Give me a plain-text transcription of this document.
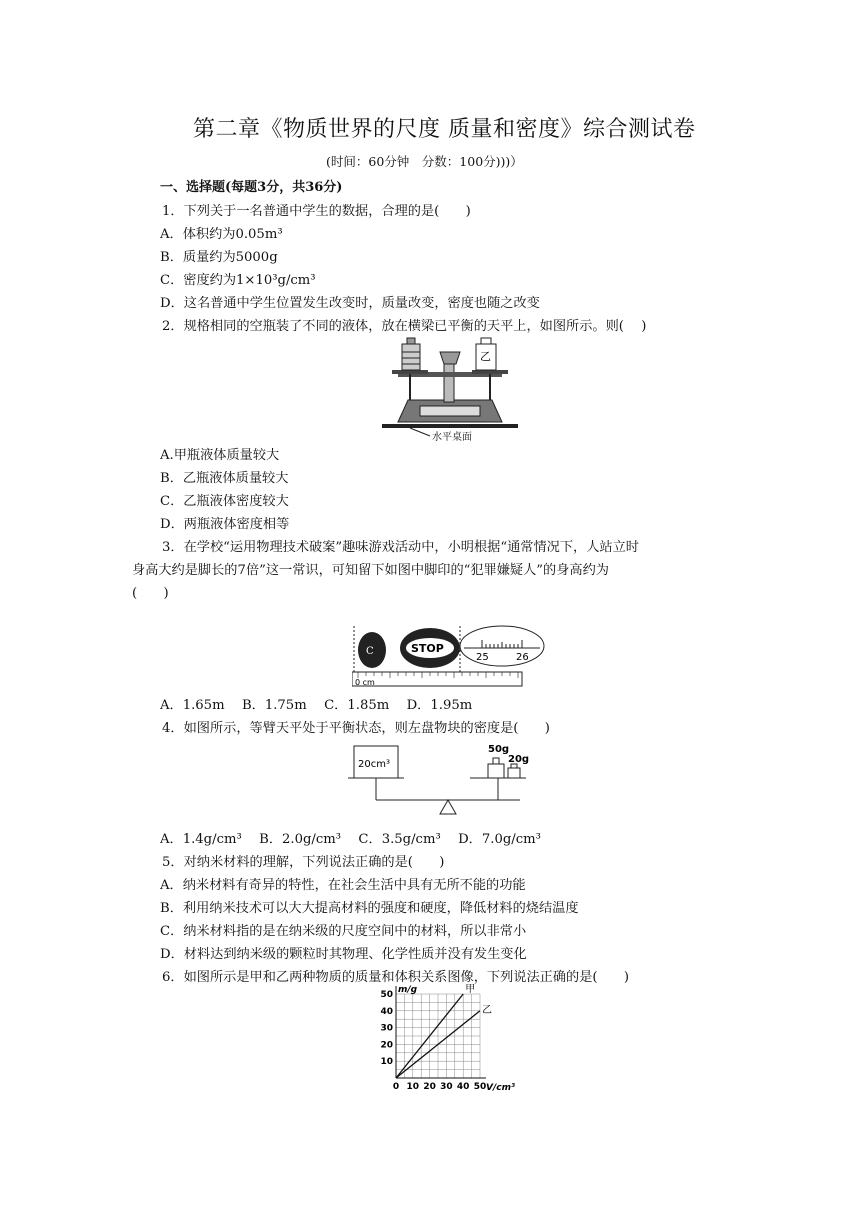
第二章《物质世界的尺度 质量和密度》综合测试卷
(时间：60分钟　分数：100分)))）
一、选择题(每题3分，共36分)
1．下列关于一名普通中学生的数据，合理的是(　　)
A．体积约为0.05m³
B．质量约为5000g
C．密度约为1×10³g/cm³
D．这名普通中学生位置发生改变时，质量改变，密度也随之改变
2．规格相同的空瓶装了不同的液体，放在横梁已平衡的天平上，如图所示。则(　 )
乙
水平桌面
A.甲瓶液体质量较大
B．乙瓶液体质量较大
C．乙瓶液体密度较大
D．两瓶液体密度相等
3．在学校“运用物理技术破案”趣味游戏活动中，小明根据“通常情况下，人站立时
身高大约是脚长的7倍”这一常识，可知留下如图中脚印的“犯罪嫌疑人”的身高约为
(　　)
C	STOP
25	26
0 cm
A．1.65m　 B．1.75m　 C．1.85m　 D．1.95m
4．如图所示，等臂天平处于平衡状态，则左盘物块的密度是(　　)
20cm³
50g
20g
A．1.4g/cm³　 B．2.0g/cm³　 C．3.5g/cm³　 D．7.0g/cm³
5．对纳米材料的理解，下列说法正确的是(　　)
A．纳米材料有奇异的特性，在社会生活中具有无所不能的功能
B．利用纳米技术可以大大提高材料的强度和硬度，降低材料的烧结温度
C．纳米材料指的是在纳米级的尺度空间中的材料，所以非常小
D．材料达到纳米级的颗粒时其物理、化学性质并没有发生变化
6．如图所示是甲和乙两种物质的质量和体积关系图像，下列说法正确的是(　　)
0 10 20 30 40 50
10
20
30
40
50
V/cm³
m/g	甲
乙
